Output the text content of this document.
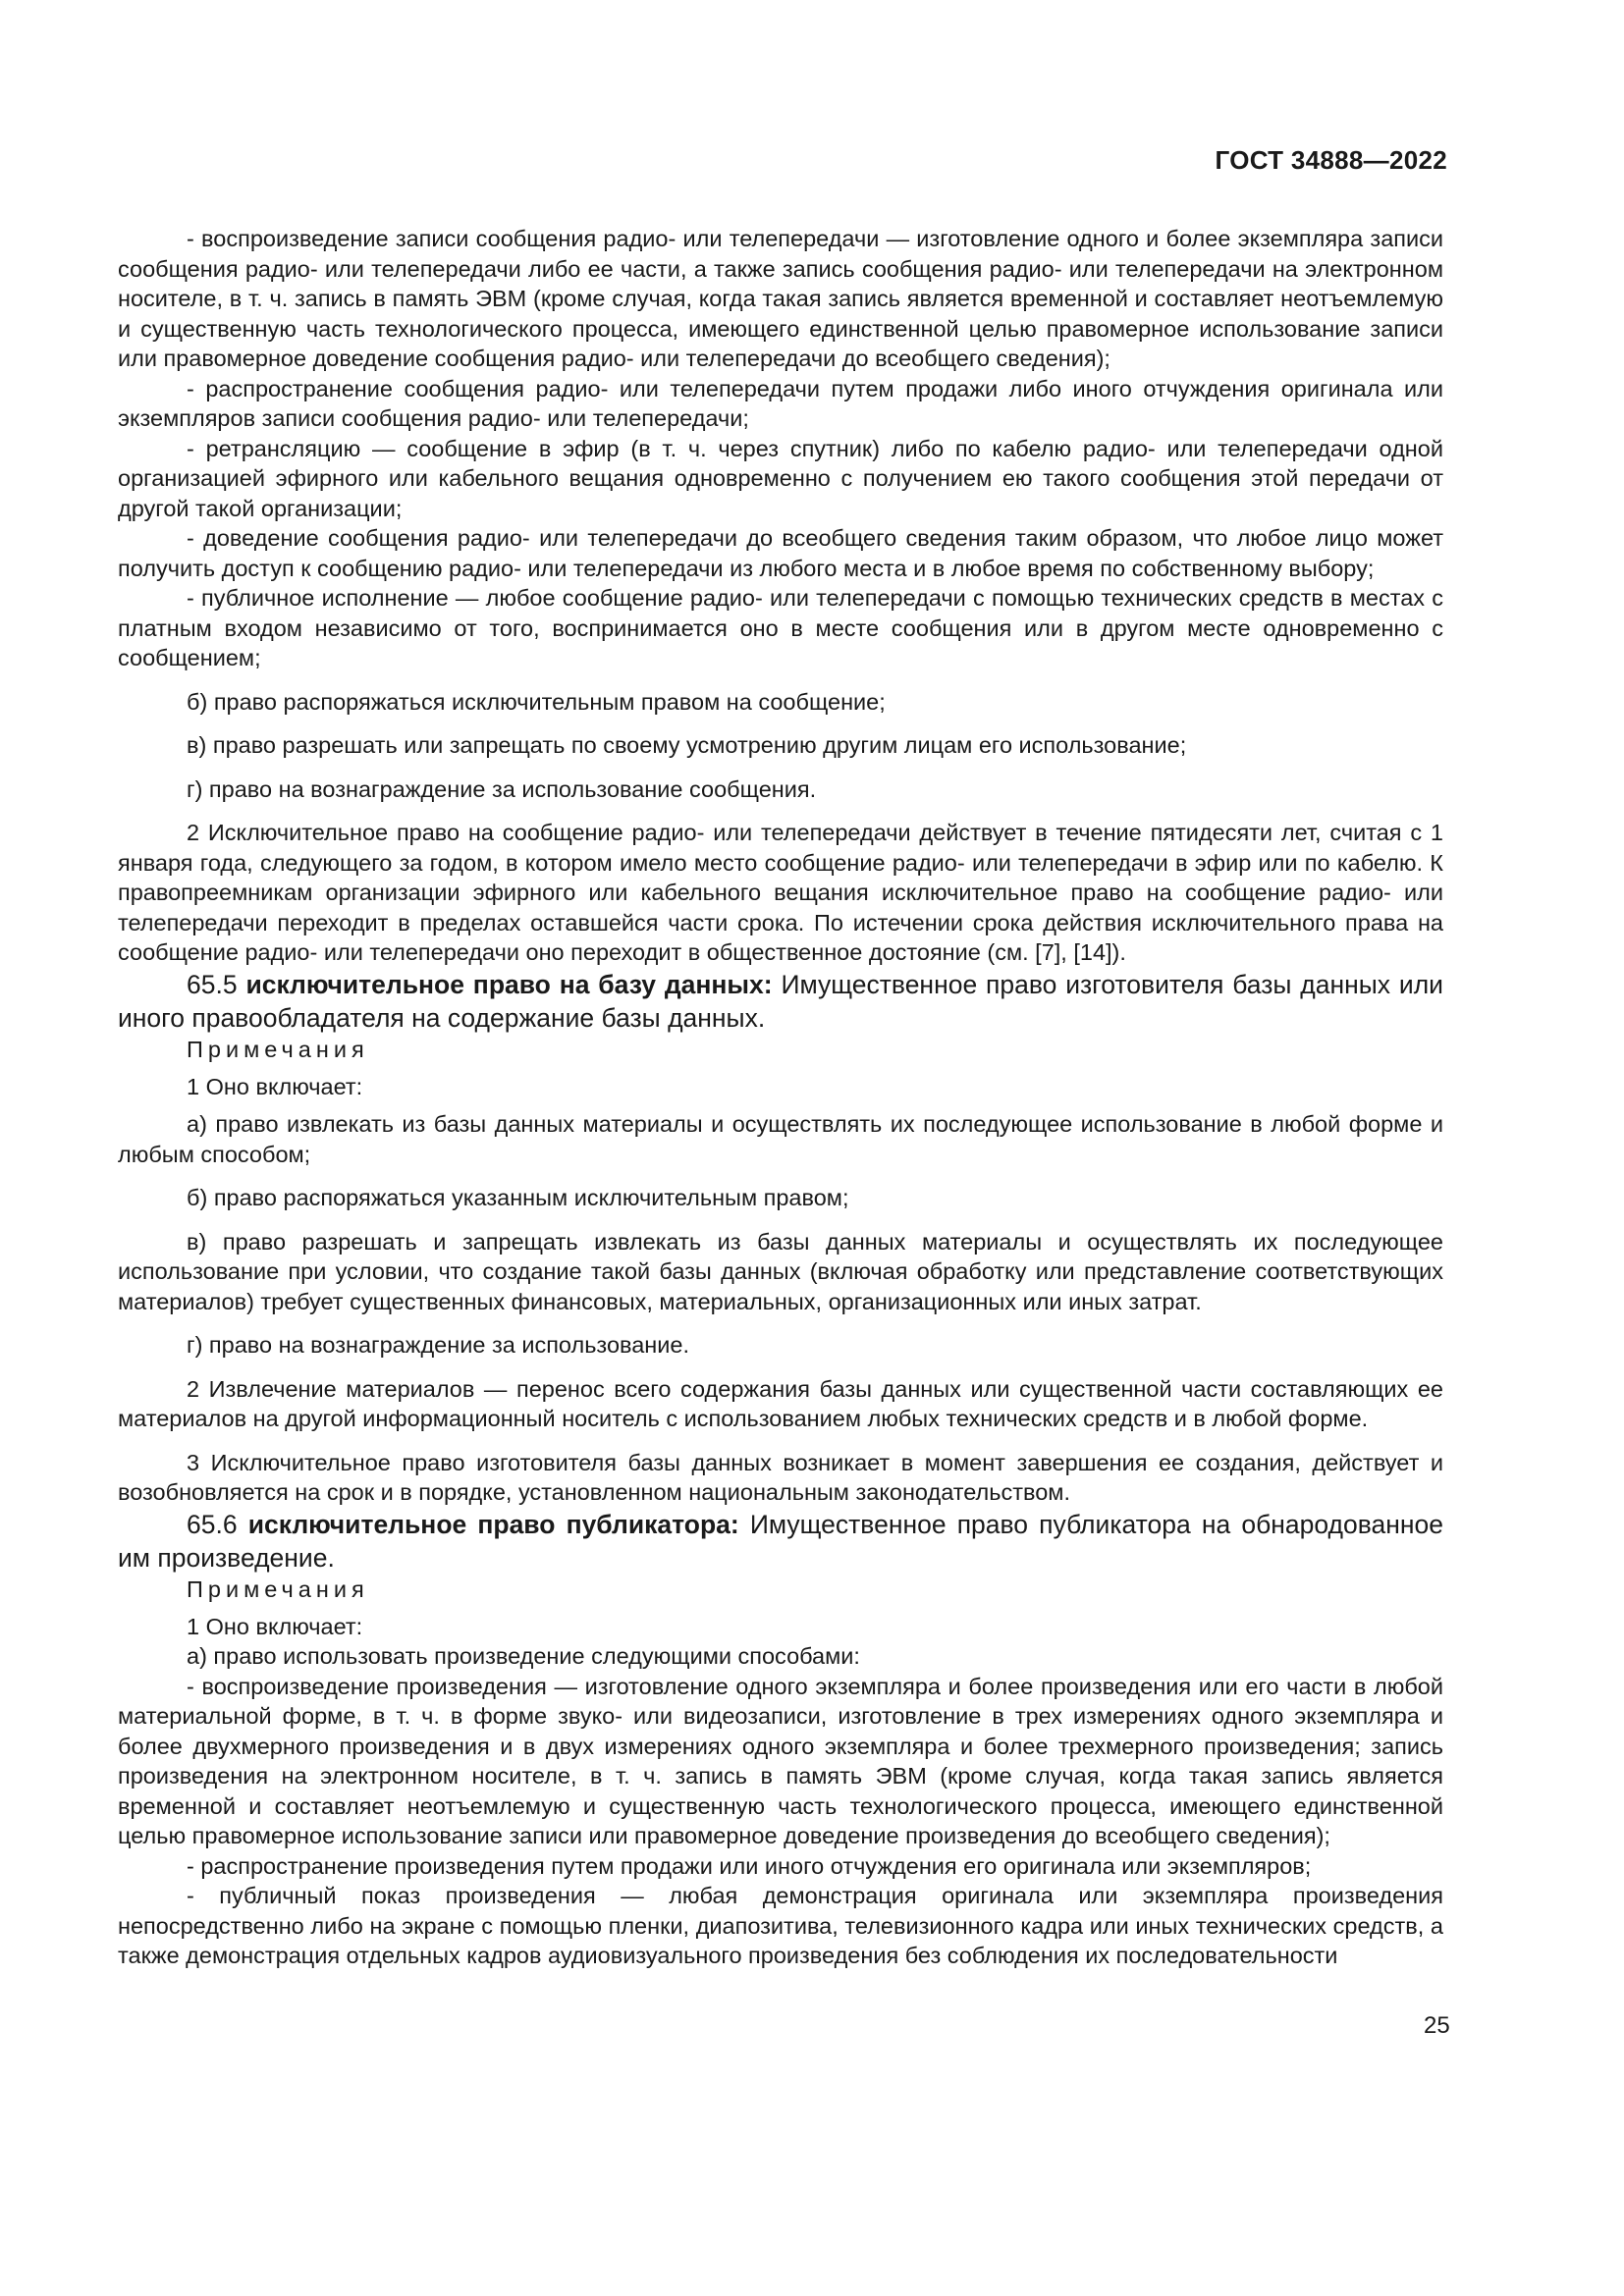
ГОСТ 34888—2022

- воспроизведение записи сообщения радио- или телепередачи — изготовление одного и более экземпляра записи сообщения радио- или телепередачи либо ее части, а также запись сообщения радио- или телепередачи на электронном носителе, в т. ч. запись в память ЭВМ (кроме случая, когда такая запись является временной и составляет неотъемлемую и существенную часть технологического процесса, имеющего единственной целью правомерное использование записи или правомерное доведение сообщения радио- или телепередачи до всеобщего сведения);

- распространение сообщения радио- или телепередачи путем продажи либо иного отчуждения оригинала или экземпляров записи сообщения радио- или телепередачи;

- ретрансляцию — сообщение в эфир (в т. ч. через спутник) либо по кабелю радио- или телепередачи одной организацией эфирного или кабельного вещания одновременно с получением ею такого сообщения этой передачи от другой такой организации;

- доведение сообщения радио- или телепередачи до всеобщего сведения таким образом, что любое лицо может получить доступ к сообщению радио- или телепередачи из любого места и в любое время по собственному выбору;

- публичное исполнение — любое сообщение радио- или телепередачи с помощью технических средств в местах с платным входом независимо от того, воспринимается оно в месте сообщения или в другом месте одновременно с сообщением;

б) право распоряжаться исключительным правом на сообщение;

в) право разрешать или запрещать по своему усмотрению другим лицам его использование;

г) право на вознаграждение за использование сообщения.

2 Исключительное право на сообщение радио- или телепередачи действует в течение пятидесяти лет, считая с 1 января года, следующего за годом, в котором имело место сообщение радио- или телепередачи в эфир или по кабелю. К правопреемникам организации эфирного или кабельного вещания исключительное право на сообщение радио- или телепередачи переходит в пределах оставшейся части срока. По истечении срока действия исключительного права на сообщение радио- или телепередачи оно переходит в общественное достояние (см. [7], [14]).

65.5 исключительное право на базу данных: Имущественное право изготовителя базы данных или иного правообладателя на содержание базы данных.

Примечания

1 Оно включает:

а) право извлекать из базы данных материалы и осуществлять их последующее использование в любой форме и любым способом;

б) право распоряжаться указанным исключительным правом;

в) право разрешать и запрещать извлекать из базы данных материалы и осуществлять их последующее использование при условии, что создание такой базы данных (включая обработку или представление соответствующих материалов) требует существенных финансовых, материальных, организационных или иных затрат.

г) право на вознаграждение за использование.

2 Извлечение материалов — перенос всего содержания базы данных или существенной части составляющих ее материалов на другой информационный носитель с использованием любых технических средств и в любой форме.

3 Исключительное право изготовителя базы данных возникает в момент завершения ее создания, действует и возобновляется на срок и в порядке, установленном национальным законодательством.

65.6 исключительное право публикатора: Имущественное право публикатора на обнародованное им произведение.

Примечания

1 Оно включает:

а) право использовать произведение следующими способами:

- воспроизведение произведения — изготовление одного экземпляра и более произведения или его части в любой материальной форме, в т. ч. в форме звуко- или видеозаписи, изготовление в трех измерениях одного экземпляра и более двухмерного произведения и в двух измерениях одного экземпляра и более трехмерного произведения; запись произведения на электронном носителе, в т. ч. запись в память ЭВМ (кроме случая, когда такая запись является временной и составляет неотъемлемую и существенную часть технологического процесса, имеющего единственной целью правомерное использование записи или правомерное доведение произведения до всеобщего сведения);

- распространение произведения путем продажи или иного отчуждения его оригинала или экземпляров;

- публичный показ произведения — любая демонстрация оригинала или экземпляра произведения непосредственно либо на экране с помощью пленки, диапозитива, телевизионного кадра или иных технических средств, а также демонстрация отдельных кадров аудиовизуального произведения без соблюдения их последовательности

25
